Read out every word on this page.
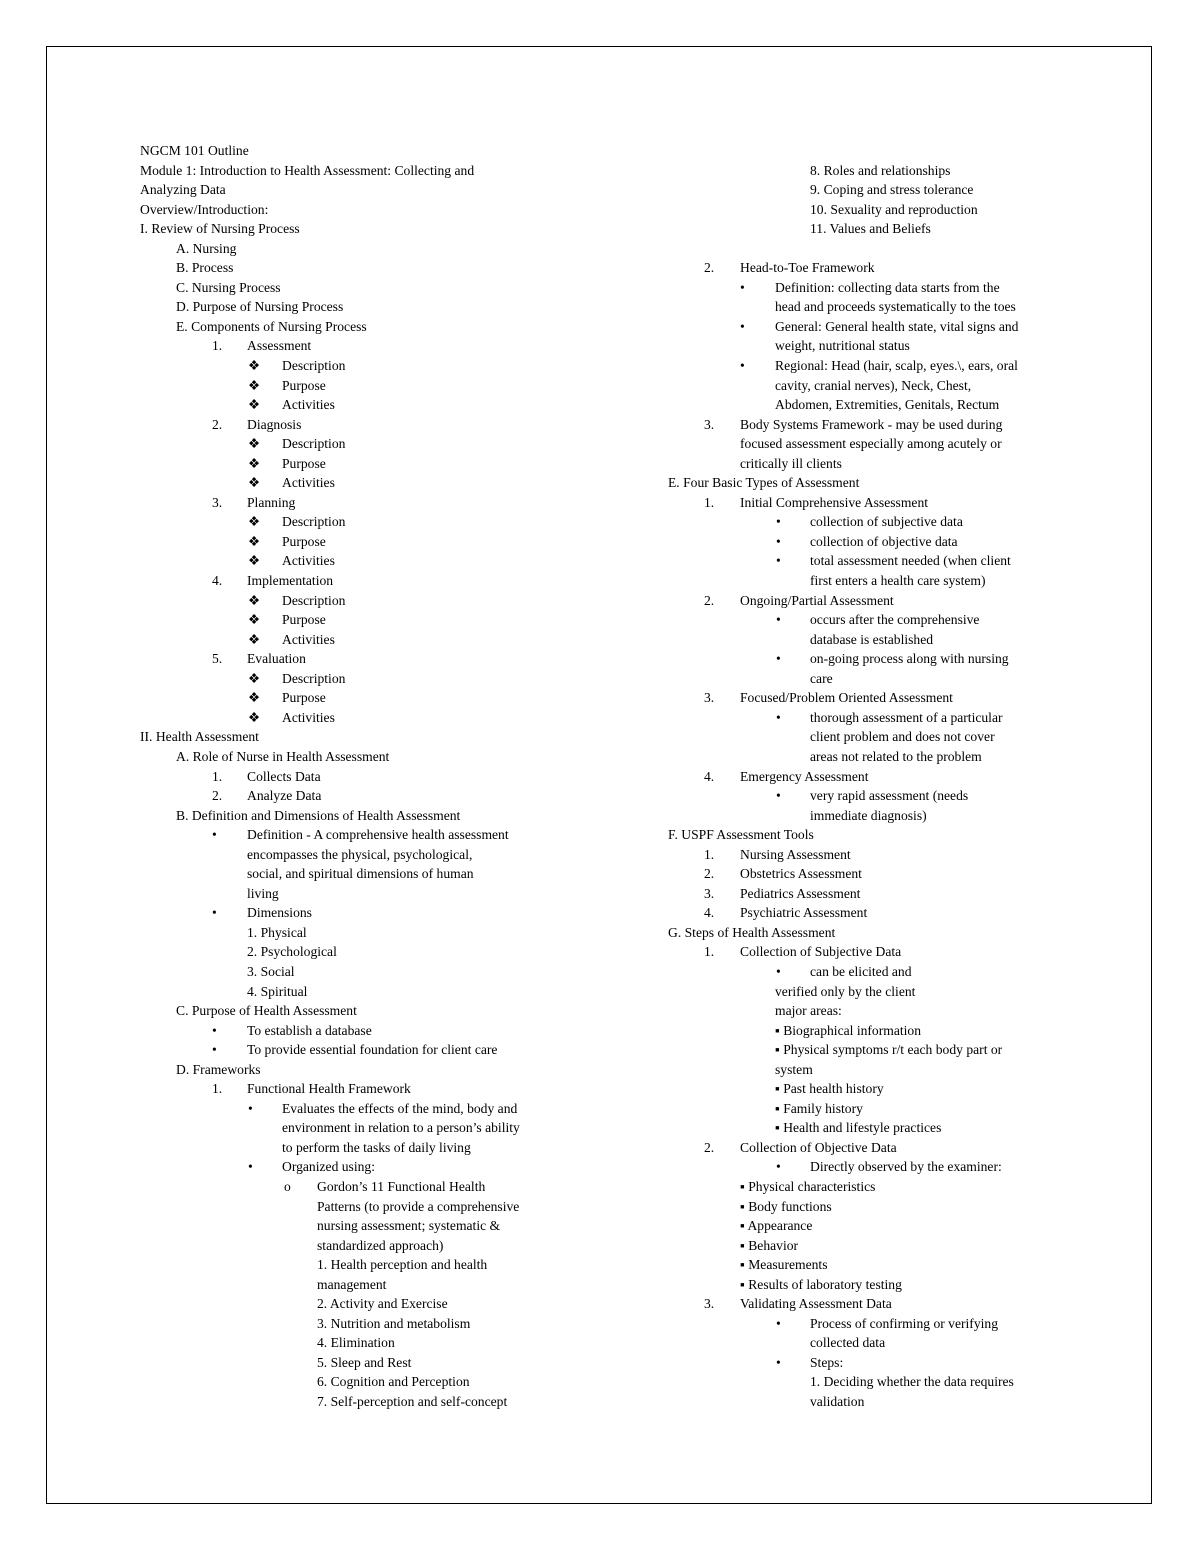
NGCM 101 Outline
Module 1: Introduction to Health Assessment: Collecting and
Analyzing Data
Overview/Introduction:
I. Review of Nursing Process
A. Nursing
B. Process
C. Nursing Process
D. Purpose of Nursing Process
E. Components of Nursing Process
1. Assessment
❖ Description
❖ Purpose
❖ Activities
2. Diagnosis
❖ Description
❖ Purpose
❖ Activities
3. Planning
❖ Description
❖ Purpose
❖ Activities
4. Implementation
❖ Description
❖ Purpose
❖ Activities
5. Evaluation
❖ Description
❖ Purpose
❖ Activities
II. Health Assessment
A. Role of Nurse in Health Assessment
1. Collects Data
2. Analyze Data
B. Definition and Dimensions of Health Assessment
• Definition - A comprehensive health assessment
encompasses the physical, psychological,
social, and spiritual dimensions of human
living
• Dimensions
1. Physical
2. Psychological
3. Social
4. Spiritual
C. Purpose of Health Assessment
• To establish a database
• To provide essential foundation for client care
D. Frameworks
1. Functional Health Framework
• Evaluates the effects of the mind, body and
environment in relation to a person’s ability
to perform the tasks of daily living
• Organized using:
o Gordon’s 11 Functional Health
Patterns (to provide a comprehensive
nursing assessment; systematic &
standardized approach)
1. Health perception and health
management
2. Activity and Exercise
3. Nutrition and metabolism
4. Elimination
5. Sleep and Rest
6. Cognition and Perception
7. Self-perception and self-concept
8. Roles and relationships
9. Coping and stress tolerance
10. Sexuality and reproduction
11. Values and Beliefs
2. Head-to-Toe Framework
• Definition: collecting data starts from the
head and proceeds systematically to the toes
• General: General health state, vital signs and
weight, nutritional status
• Regional: Head (hair, scalp, eyes.\, ears, oral
cavity, cranial nerves), Neck, Chest,
Abdomen, Extremities, Genitals, Rectum
3. Body Systems Framework - may be used during
focused assessment especially among acutely or
critically ill clients
E. Four Basic Types of Assessment
1. Initial Comprehensive Assessment
• collection of subjective data
• collection of objective data
• total assessment needed (when client
first enters a health care system)
2. Ongoing/Partial Assessment
• occurs after the comprehensive
database is established
• on-going process along with nursing
care
3. Focused/Problem Oriented Assessment
• thorough assessment of a particular
client problem and does not cover
areas not related to the problem
4. Emergency Assessment
• very rapid assessment (needs
immediate diagnosis)
F. USPF Assessment Tools
1. Nursing Assessment
2. Obstetrics Assessment
3. Pediatrics Assessment
4. Psychiatric Assessment
G. Steps of Health Assessment
1. Collection of Subjective Data
• can be elicited and
verified only by the client
major areas:
▪ Biographical information
▪ Physical symptoms r/t each body part or
system
▪ Past health history
▪ Family history
▪ Health and lifestyle practices
2. Collection of Objective Data
• Directly observed by the examiner:
▪ Physical characteristics
▪ Body functions
▪ Appearance
▪ Behavior
▪ Measurements
▪ Results of laboratory testing
3. Validating Assessment Data
• Process of confirming or verifying
collected data
• Steps:
1. Deciding whether the data requires
validation
